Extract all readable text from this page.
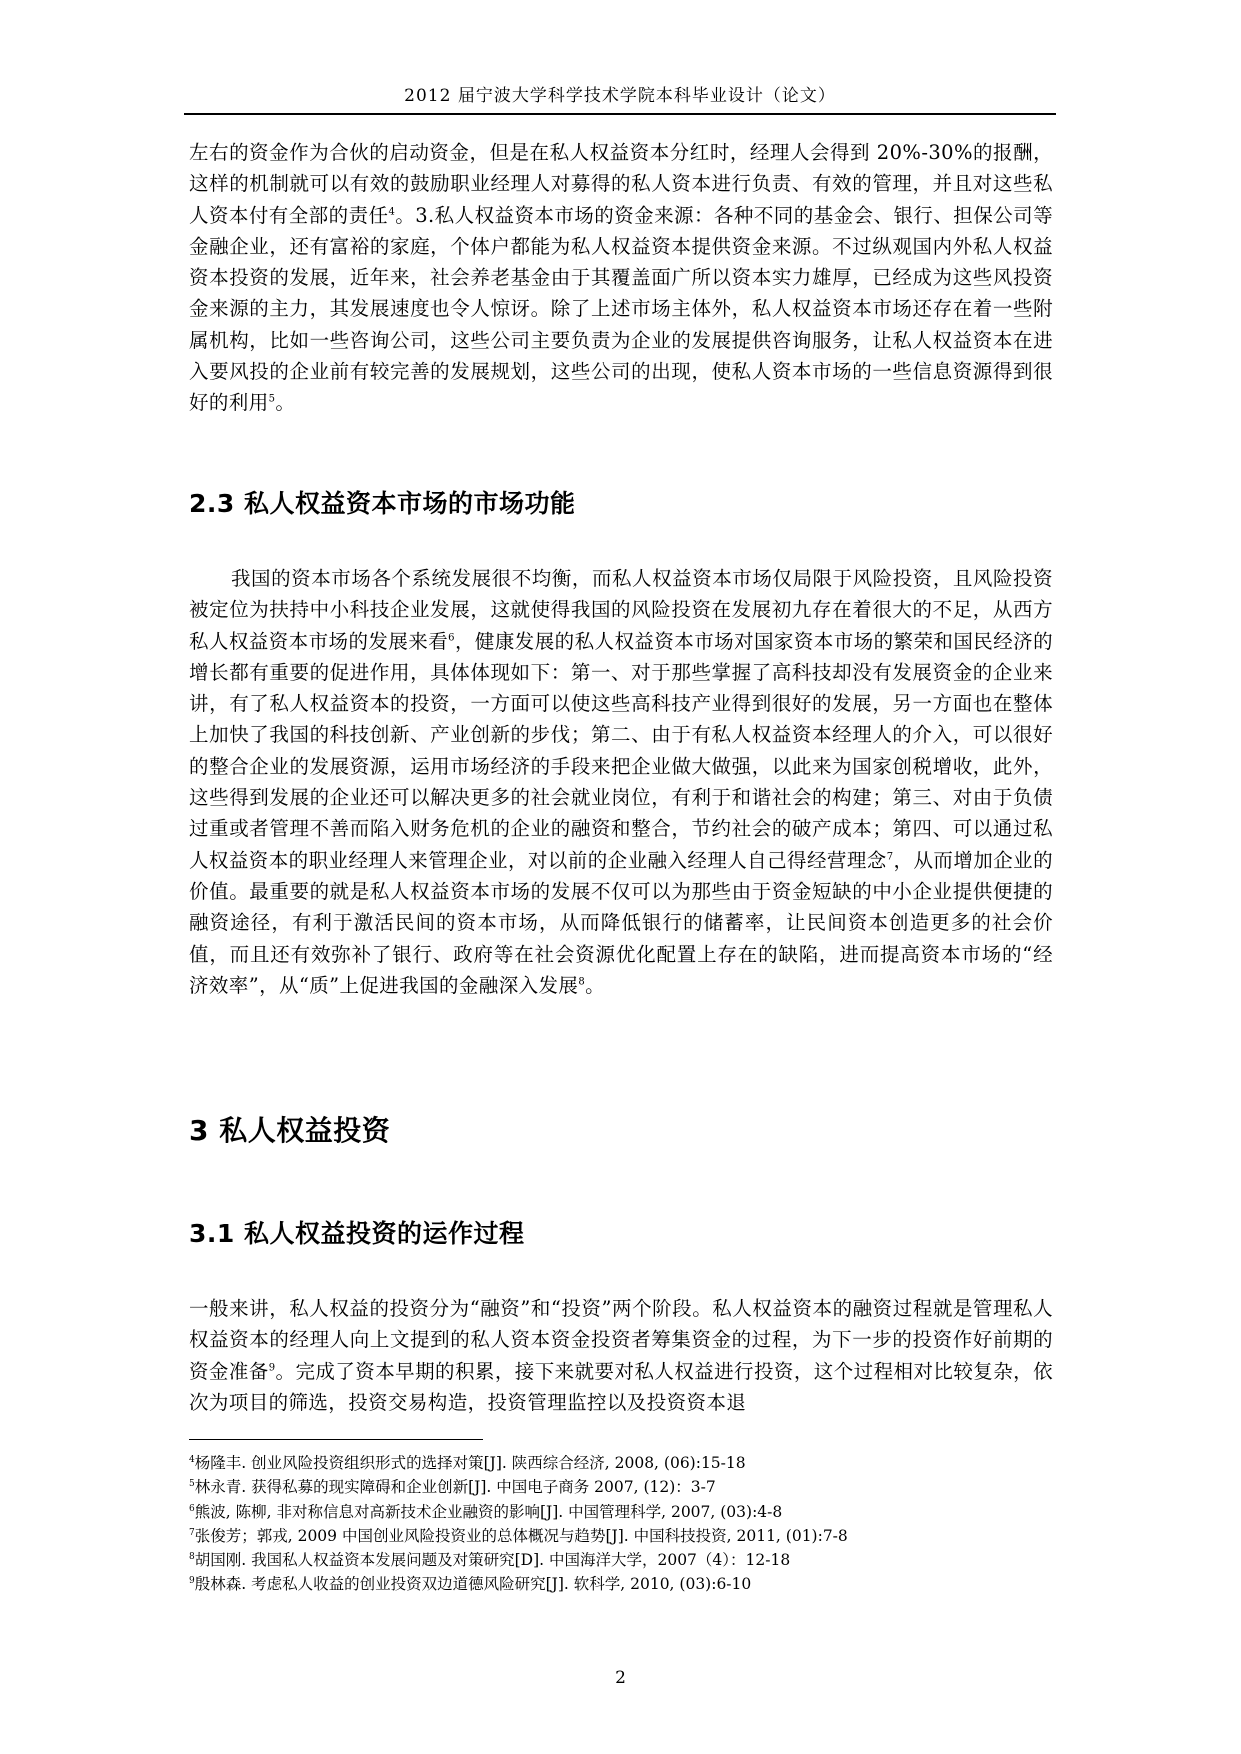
2012 届宁波大学科学技术学院本科毕业设计（论文）

左右的资金作为合伙的启动资金，但是在私人权益资本分红时，经理人会得到 20%-30%的报酬，这样的机制就可以有效的鼓励职业经理人对募得的私人资本进行负责、有效的管理，并且对这些私人资本付有全部的责任$^4$。3.私人权益资本市场的资金来源：各种不同的基金会、银行、担保公司等金融企业，还有富裕的家庭，个体户都能为私人权益资本提供资金来源。不过纵观国内外私人权益资本投资的发展，近年来，社会养老基金由于其覆盖面广所以资本实力雄厚，已经成为这些风投资金来源的主力，其发展速度也令人惊讶。除了上述市场主体外，私人权益资本市场还存在着一些附属机构，比如一些咨询公司，这些公司主要负责为企业的发展提供咨询服务，让私人权益资本在进入要风投的企业前有较完善的发展规划，这些公司的出现，使私人资本市场的一些信息资源得到很好的利用$^5$。

2.3 私人权益资本市场的市场功能

我国的资本市场各个系统发展很不均衡，而私人权益资本市场仅局限于风险投资，且风险投资被定位为扶持中小科技企业发展，这就使得我国的风险投资在发展初九存在着很大的不足，从西方私人权益资本市场的发展来看$^6$，健康发展的私人权益资本市场对国家资本市场的繁荣和国民经济的增长都有重要的促进作用，具体体现如下：第一、对于那些掌握了高科技却没有发展资金的企业来讲，有了私人权益资本的投资，一方面可以使这些高科技产业得到很好的发展，另一方面也在整体上加快了我国的科技创新、产业创新的步伐；第二、由于有私人权益资本经理人的介入，可以很好的整合企业的发展资源，运用市场经济的手段来把企业做大做强，以此来为国家创税增收，此外，这些得到发展的企业还可以解决更多的社会就业岗位，有利于和谐社会的构建；第三、对由于负债过重或者管理不善而陷入财务危机的企业的融资和整合，节约社会的破产成本；第四、可以通过私人权益资本的职业经理人来管理企业，对以前的企业融入经理人自己得经营理念$^7$，从而增加企业的价值。最重要的就是私人权益资本市场的发展不仅可以为那些由于资金短缺的中小企业提供便捷的融资途径，有利于激活民间的资本市场，从而降低银行的储蓄率，让民间资本创造更多的社会价值，而且还有效弥补了银行、政府等在社会资源优化配置上存在的缺陷，进而提高资本市场的“经济效率”，从“质”上促进我国的金融深入发展$^8$。

3 私人权益投资
3.1 私人权益投资的运作过程

一般来讲，私人权益的投资分为“融资”和“投资”两个阶段。私人权益资本的融资过程就是管理私人权益资本的经理人向上文提到的私人资本资金投资者筹集资金的过程，为下一步的投资作好前期的资金准备$^9$。完成了资本早期的积累，接下来就要对私人权益进行投资，这个过程相对比较复杂，依次为项目的筛选，投资交易构造，投资管理监控以及投资资本退

$^4$杨隆丰. 创业风险投资组织形式的选择对策[J]. 陕西综合经济, 2008, (06):15-18
$^5$林永青. 获得私募的现实障碍和企业创新[J]. 中国电子商务 2007, (12)：3-7
$^6$熊波, 陈柳, 非对称信息对高新技术企业融资的影响[J]. 中国管理科学, 2007, (03):4-8
$^7$张俊芳；郭戎, 2009 中国创业风险投资业的总体概况与趋势[J]. 中国科技投资, 2011, (01):7-8
$^8$胡国刚. 我国私人权益资本发展问题及对策研究[D]. 中国海洋大学，2007（4）：12-18
$^9$殷林森. 考虑私人收益的创业投资双边道德风险研究[J]. 软科学, 2010, (03):6-10
2
